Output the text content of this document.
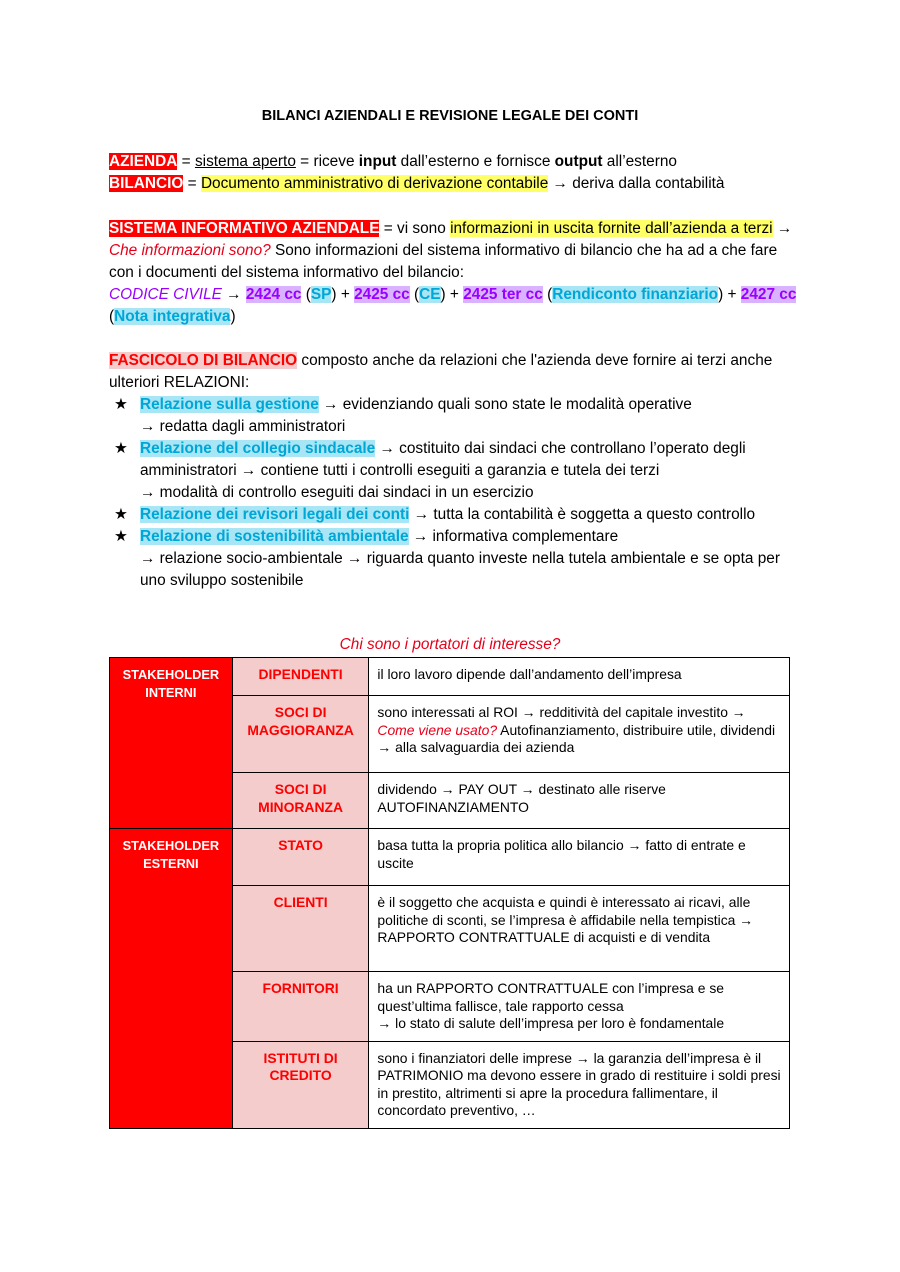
BILANCI AZIENDALI E REVISIONE LEGALE DEI CONTI
AZIENDA = sistema aperto = riceve input dall’esterno e fornisce output all’esterno
BILANCIO = Documento amministrativo di derivazione contabile → deriva dalla contabilità
SISTEMA INFORMATIVO AZIENDALE = vi sono informazioni in uscita fornite dall’azienda a terzi → Che informazioni sono? Sono informazioni del sistema informativo di bilancio che ha ad a che fare con i documenti del sistema informativo del bilancio:
CODICE CIVILE → 2424 cc (SP) + 2425 cc (CE) + 2425 ter cc (Rendiconto finanziario) + 2427 cc (Nota integrativa)
FASCICOLO DI BILANCIO composto anche da relazioni che l'azienda deve fornire ai terzi anche ulteriori RELAZIONI:
★ Relazione sulla gestione → evidenziando quali sono state le modalità operative
→ redatta dagli amministratori
★ Relazione del collegio sindacale → costituito dai sindaci che controllano l’operato degli amministratori → contiene tutti i controlli eseguiti a garanzia e tutela dei terzi
→ modalità di controllo eseguiti dai sindaci in un esercizio
★ Relazione dei revisori legali dei conti → tutta la contabilità è soggetta a questo controllo
★ Relazione di sostenibilità ambientale → informativa complementare
→ relazione socio-ambientale → riguarda quanto investe nella tutela ambientale e se opta per uno sviluppo sostenibile
Chi sono i portatori di interesse?
STAKEHOLDER INTERNI	DIPENDENTI	il loro lavoro dipende dall’andamento dell’impresa
	SOCI DI MAGGIORANZA	sono interessati al ROI → redditività del capitale investito → Come viene usato? Autofinanziamento, distribuire utile, dividendi → alla salvaguardia dei azienda
	SOCI DI MINORANZA	dividendo → PAY OUT → destinato alle riserve AUTOFINANZIAMENTO
STAKEHOLDER ESTERNI	STATO	basa tutta la propria politica allo bilancio → fatto di entrate e uscite
	CLIENTI	è il soggetto che acquista e quindi è interessato ai ricavi, alle politiche di sconti, se l’impresa è affidabile nella tempistica → RAPPORTO CONTRATTUALE di acquisti e di vendita
	FORNITORI	ha un RAPPORTO CONTRATTUALE con l’impresa e se quest’ultima fallisce, tale rapporto cessa
→ lo stato di salute dell’impresa per loro è fondamentale
	ISTITUTI DI CREDITO	sono i finanziatori delle imprese → la garanzia dell’impresa è il PATRIMONIO ma devono essere in grado di restituire i soldi presi in prestito, altrimenti si apre la procedura fallimentare, il concordato preventivo, …
